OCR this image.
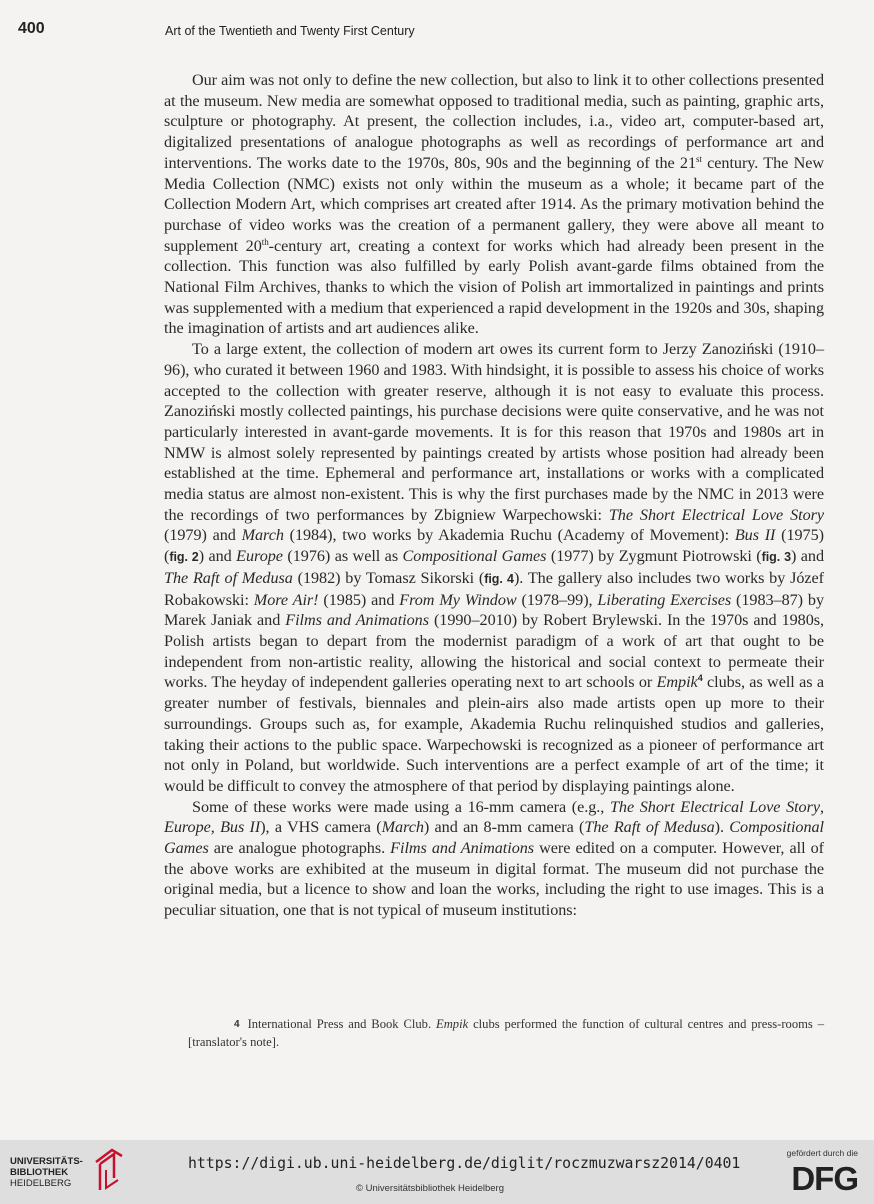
400	Art of the Twentieth and Twenty First Century

Our aim was not only to define the new collection, but also to link it to other collections presented at the museum. New media are somewhat opposed to traditional media, such as painting, graphic arts, sculpture or photography. At present, the collection includes, i.a., video art, computer-based art, digitalized presentations of analogue photographs as well as recordings of performance art and interventions. The works date to the 1970s, 80s, 90s and the beginning of the 21st century. The New Media Collection (NMC) exists not only within the museum as a whole; it became part of the Collection Modern Art, which comprises art created after 1914. As the primary motivation behind the purchase of video works was the creation of a permanent gallery, they were above all meant to supplement 20th-century art, creating a context for works which had already been present in the collection. This function was also fulfilled by early Polish avant-garde films obtained from the National Film Archives, thanks to which the vision of Polish art immortalized in paintings and prints was supplemented with a medium that experienced a rapid development in the 1920s and 30s, shaping the imagination of artists and art audiences alike.

To a large extent, the collection of modern art owes its current form to Jerzy Zanoziński (1910–96), who curated it between 1960 and 1983. With hindsight, it is possible to assess his choice of works accepted to the collection with greater reserve, although it is not easy to evaluate this process. Zanoziński mostly collected paintings, his purchase decisions were quite conservative, and he was not particularly interested in avant-garde movements. It is for this reason that 1970s and 1980s art in NMW is almost solely represented by paintings created by artists whose position had already been established at the time. Ephemeral and performance art, installations or works with a complicated media status are almost non-existent. This is why the first purchases made by the NMC in 2013 were the recordings of two performances by Zbigniew Warpechowski: The Short Electrical Love Story (1979) and March (1984), two works by Akademia Ruchu (Academy of Movement): Bus II (1975) (fig. 2) and Europe (1976) as well as Compositional Games (1977) by Zygmunt Piotrowski (fig. 3) and The Raft of Medusa (1982) by Tomasz Sikorski (fig. 4). The gallery also includes two works by Józef Robakowski: More Air! (1985) and From My Window (1978–99), Liberating Exercises (1983–87) by Marek Janiak and Films and Animations (1990–2010) by Robert Brylewski. In the 1970s and 1980s, Polish artists began to depart from the modernist paradigm of a work of art that ought to be independent from non-artistic reality, allowing the historical and social context to permeate their works. The heyday of independent galleries operating next to art schools or Empik$^4$ clubs, as well as a greater number of festivals, biennales and plein-airs also made artists open up more to their surroundings. Groups such as, for example, Akademia Ruchu relinquished studios and galleries, taking their actions to the public space. Warpechowski is recognized as a pioneer of performance art not only in Poland, but worldwide. Such interventions are a perfect example of art of the time; it would be difficult to convey the atmosphere of that period by displaying paintings alone.

Some of these works were made using a 16-mm camera (e.g., The Short Electrical Love Story, Europe, Bus II), a VHS camera (March) and an 8-mm camera (The Raft of Medusa). Compositional Games are analogue photographs. Films and Animations were edited on a computer. However, all of the above works are exhibited at the museum in digital format. The museum did not purchase the original media, but a licence to show and loan the works, including the right to use images. This is a peculiar situation, one that is not typical of museum institutions:

4 International Press and Book Club. Empik clubs performed the function of cultural centres and press-rooms – [translator's note].
UNIVERSITÄTS-
BIBLIOTHEK
HEIDELBERG
https://digi.ub.uni-heidelberg.de/diglit/roczmuzwarsz2014/0401
© Universitätsbibliothek Heidelberg
gefördert durch die
DFG
